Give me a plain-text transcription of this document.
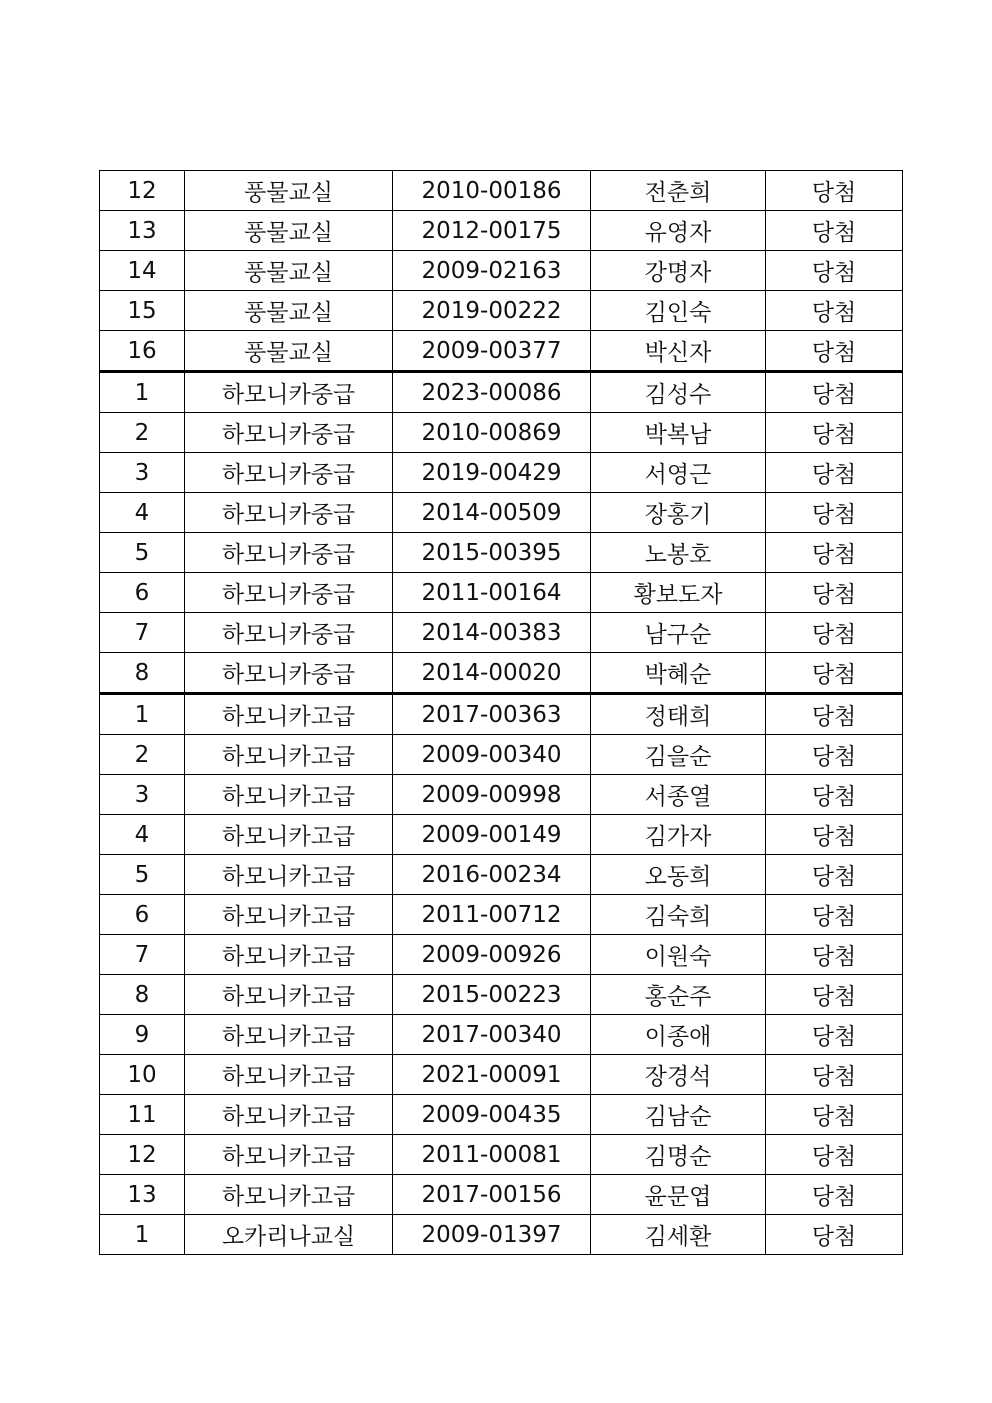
12	풍물교실	2010-00186	전춘희	당첨
13	풍물교실	2012-00175	유영자	당첨
14	풍물교실	2009-02163	강명자	당첨
15	풍물교실	2019-00222	김인숙	당첨
16	풍물교실	2009-00377	박신자	당첨
1	하모니카중급	2023-00086	김성수	당첨
2	하모니카중급	2010-00869	박복남	당첨
3	하모니카중급	2019-00429	서영근	당첨
4	하모니카중급	2014-00509	장홍기	당첨
5	하모니카중급	2015-00395	노봉호	당첨
6	하모니카중급	2011-00164	황보도자	당첨
7	하모니카중급	2014-00383	남구순	당첨
8	하모니카중급	2014-00020	박혜순	당첨
1	하모니카고급	2017-00363	정태희	당첨
2	하모니카고급	2009-00340	김을순	당첨
3	하모니카고급	2009-00998	서종열	당첨
4	하모니카고급	2009-00149	김가자	당첨
5	하모니카고급	2016-00234	오동희	당첨
6	하모니카고급	2011-00712	김숙희	당첨
7	하모니카고급	2009-00926	이원숙	당첨
8	하모니카고급	2015-00223	홍순주	당첨
9	하모니카고급	2017-00340	이종애	당첨
10	하모니카고급	2021-00091	장경석	당첨
11	하모니카고급	2009-00435	김남순	당첨
12	하모니카고급	2011-00081	김명순	당첨
13	하모니카고급	2017-00156	윤문엽	당첨
1	오카리나교실	2009-01397	김세환	당첨
